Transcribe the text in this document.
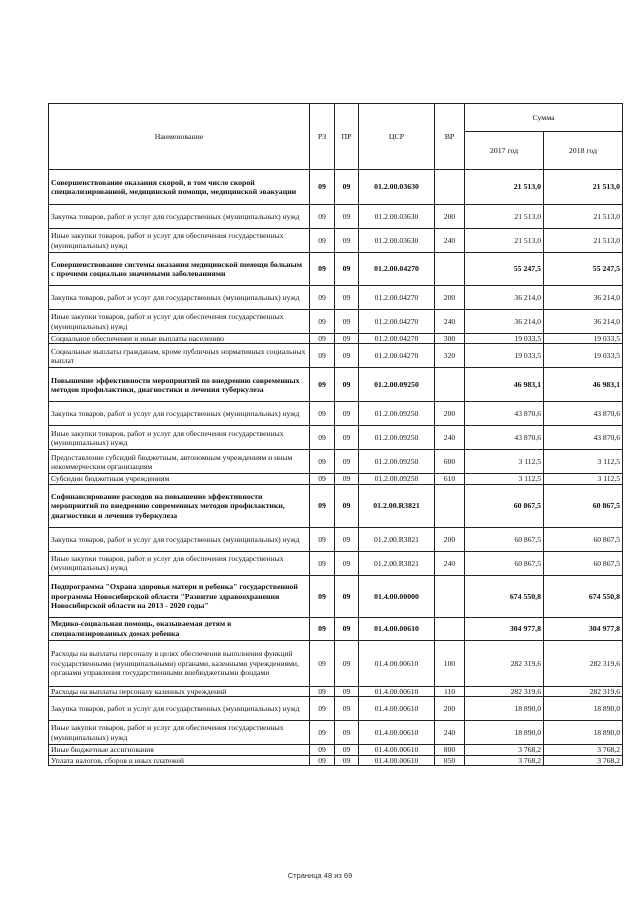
Наименование	РЗ	ПР	ЦСР	ВР	Сумма	
					2017 год	2018 год
Совершенствование оказания скорой, в том числе скорой специализированной, медицинской помощи, медицинской эвакуации	09	09	01.2.00.03630		21 513,0	21 513,0
Закупка товаров, работ и услуг для государственных (муниципальных) нужд	09	09	01.2.00.03630	200	21 513,0	21 513,0
Иные закупки товаров, работ и услуг для обеспечения государственных (муниципальных) нужд	09	09	01.2.00.03630	240	21 513,0	21 513,0
Совершенствование системы оказания медицинской помощи больным с прочими социально значимыми заболеваниями	09	09	01.2.00.04270		55 247,5	55 247,5
Закупка товаров, работ и услуг для государственных (муниципальных) нужд	09	09	01.2.00.04270	200	36 214,0	36 214,0
Иные закупки товаров, работ и услуг для обеспечения государственных (муниципальных) нужд	09	09	01.2.00.04270	240	36 214,0	36 214,0
Социальное обеспечение и иные выплаты населению	09	09	01.2.00.04270	300	19 033,5	19 033,5
Социальные выплаты гражданам, кроме публичных нормативных социальных выплат	09	09	01.2.00.04270	320	19 033,5	19 033,5
Повышение эффективности мероприятий по внедрению современных методов профилактики, диагностики и лечения туберкулеза	09	09	01.2.00.09250		46 983,1	46 983,1
Закупка товаров, работ и услуг для государственных (муниципальных) нужд	09	09	01.2.00.09250	200	43 870,6	43 870,6
Иные закупки товаров, работ и услуг для обеспечения государственных (муниципальных) нужд	09	09	01.2.00.09250	240	43 870,6	43 870,6
Предоставление субсидий бюджетным, автономным учреждениям и иным некоммерческим организациям	09	09	01.2.00.09250	600	3 112,5	3 112,5
Субсидии бюджетным учреждениям	09	09	01.2.00.09250	610	3 112,5	3 112,5
Софинансирование расходов на повышение эффективности мероприятий по внедрению современных методов профилактики, диагностики и лечения туберкулеза	09	09	01.2.00.R3821		60 867,5	60 867,5
Закупка товаров, работ и услуг для государственных (муниципальных) нужд	09	09	01.2.00.R3821	200	60 867,5	60 867,5
Иные закупки товаров, работ и услуг для обеспечения государственных (муниципальных) нужд	09	09	01.2.00.R3821	240	60 867,5	60 867,5
Подпрограмма "Охрана здоровья матери и ребенка" государственной программы Новосибирской области "Развитие здравоохранения Новосибирской области на 2013 - 2020 годы"	09	09	01.4.00.00000		674 550,8	674 550,8
Медико-социальная помощь, оказываемая детям в специализированных домах ребенка	09	09	01.4.00.00610		304 977,8	304 977,8
Расходы на выплаты персоналу в целях обеспечения выполнения функций государственными (муниципальными) органами, казенными учреждениями, органами управления государственными внебюджетными фондами	09	09	01.4.00.00610	100	282 319,6	282 319,6
Расходы на выплаты персоналу казенных учреждений	09	09	01.4.00.00610	110	282 319,6	282 319,6
Закупка товаров, работ и услуг для государственных (муниципальных) нужд	09	09	01.4.00.00610	200	18 890,0	18 890,0
Иные закупки товаров, работ и услуг для обеспечения государственных (муниципальных) нужд	09	09	01.4.00.00610	240	18 890,0	18 890,0
Иные бюджетные ассигнования	09	09	01.4.00.00610	800	3 768,2	3 768,2
Уплата налогов, сборов и иных платежей	09	09	01.4.00.00610	850	3 768,2	3 768,2
Страница 48 из 69
